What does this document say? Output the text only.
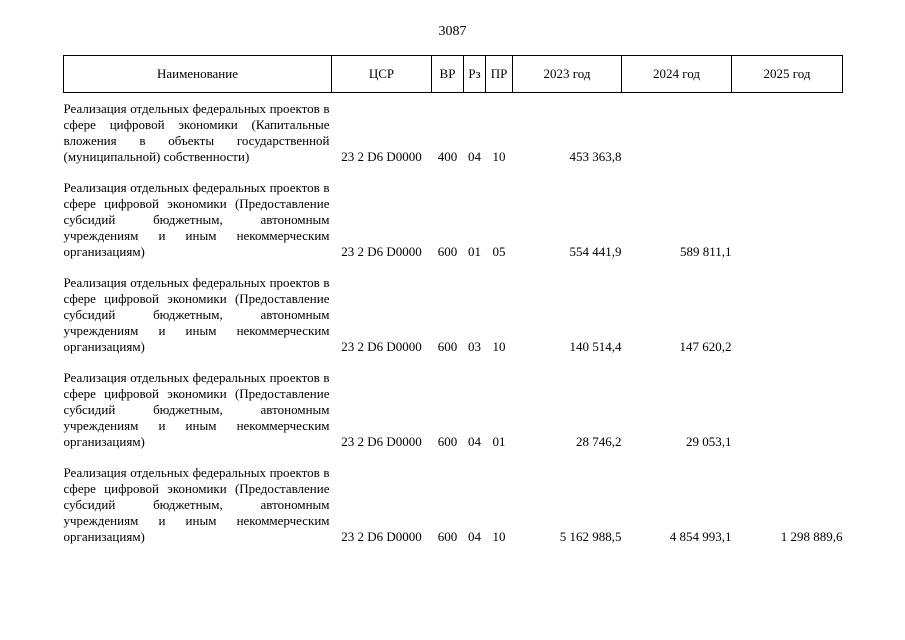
3087
Наименование	ЦСР	ВР	Рз	ПР	2023 год	2024 год	2025 год

Реализация отдельных федеральных проектов в сфере цифровой экономики (Капитальные вложения в объекты государственной (муниципальной) собственности)	23 2 D6 D0000	400	04	10	453 363,8		

Реализация отдельных федеральных проектов в сфере цифровой экономики (Предоставление субсидий бюджетным, автономным учреждениям и иным некоммерческим организациям)	23 2 D6 D0000	600	01	05	554 441,9	589 811,1	

Реализация отдельных федеральных проектов в сфере цифровой экономики (Предоставление субсидий бюджетным, автономным учреждениям и иным некоммерческим организациям)	23 2 D6 D0000	600	03	10	140 514,4	147 620,2	

Реализация отдельных федеральных проектов в сфере цифровой экономики (Предоставление субсидий бюджетным, автономным учреждениям и иным некоммерческим организациям)	23 2 D6 D0000	600	04	01	28 746,2	29 053,1	

Реализация отдельных федеральных проектов в сфере цифровой экономики (Предоставление субсидий бюджетным, автономным учреждениям и иным некоммерческим организациям)	23 2 D6 D0000	600	04	10	5 162 988,5	4 854 993,1	1 298 889,6
